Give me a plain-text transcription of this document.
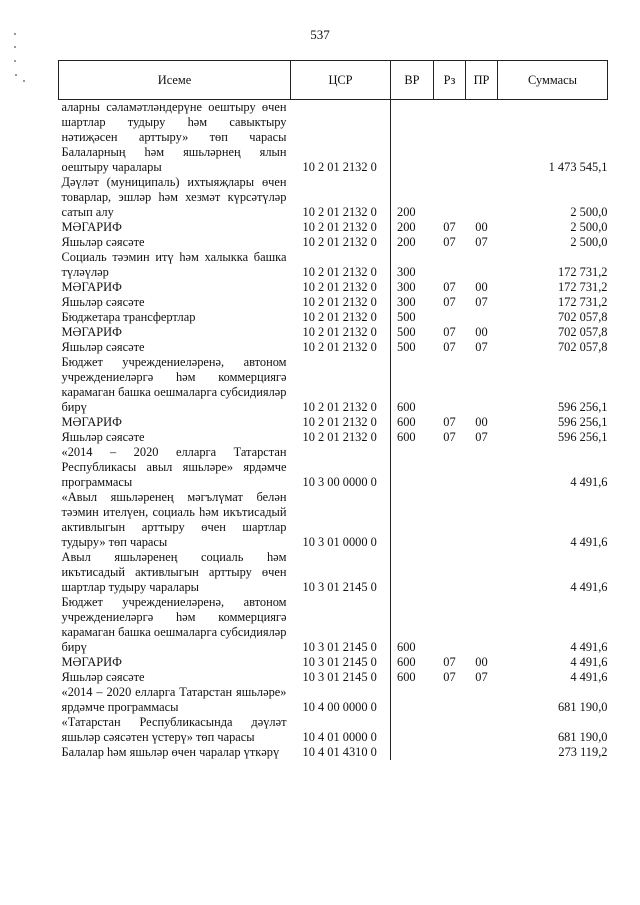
537
Исеме	ЦСР	ВР	Рз	ПР	Суммасы
аларны сәламәтләндерүне оештыру өчен шартлар тудыру һәм савыктыру нәтиҗәсен арттыру» төп чарасы					
Балаларның һәм яшьләрнең ялын оештыру чаралары	10 2 01 2132 0				1 473 545,1
Дәүләт (муниципаль) ихтыяҗлары өчен товарлар, эшләр һәм хезмәт күрсәтүләр сатып алу	10 2 01 2132 0	200			2 500,0
МӘГАРИФ	10 2 01 2132 0	200	07	00	2 500,0
Яшьләр сәясәте	10 2 01 2132 0	200	07	07	2 500,0
Социаль тәэмин итү һәм халыкка башка түләүләр	10 2 01 2132 0	300			172 731,2
МӘГАРИФ	10 2 01 2132 0	300	07	00	172 731,2
Яшьләр сәясәте	10 2 01 2132 0	300	07	07	172 731,2
Бюджетара трансфертлар	10 2 01 2132 0	500			702 057,8
МӘГАРИФ	10 2 01 2132 0	500	07	00	702 057,8
Яшьләр сәясәте	10 2 01 2132 0	500	07	07	702 057,8
Бюджет учреждениеләренә, автоном учреждениеләргә һәм коммерциягә карамаган башка оешмаларга субсидияләр бирү	10 2 01 2132 0	600			596 256,1
МӘГАРИФ	10 2 01 2132 0	600	07	00	596 256,1
Яшьләр сәясәте	10 2 01 2132 0	600	07	07	596 256,1
«2014 – 2020 елларга Татарстан Республикасы авыл яшьләре» ярдәмче программасы	10 3 00 0000 0				4 491,6
«Авыл яшьләренең мәгълүмат белән тәэмин ителүен, социаль һәм икътисадый активлыгын арттыру өчен шартлар тудыру» төп чарасы	10 3 01 0000 0				4 491,6
Авыл яшьләренең социаль һәм икътисадый активлыгын арттыру өчен шартлар тудыру чаралары	10 3 01 2145 0				4 491,6
Бюджет учреждениеләренә, автоном учреждениеләргә һәм коммерциягә карамаган башка оешмаларга субсидияләр бирү	10 3 01 2145 0	600			4 491,6
МӘГАРИФ	10 3 01 2145 0	600	07	00	4 491,6
Яшьләр сәясәте	10 3 01 2145 0	600	07	07	4 491,6
«2014 – 2020 елларга Татарстан яшьләре» ярдәмче программасы	10 4 00 0000 0				681 190,0
«Татарстан Республикасында дәүләт яшьләр сәясәтен үстерү» төп чарасы	10 4 01 0000 0				681 190,0
Балалар һәм яшьләр өчен чаралар үткәрү	10 4 01 4310 0				273 119,2
